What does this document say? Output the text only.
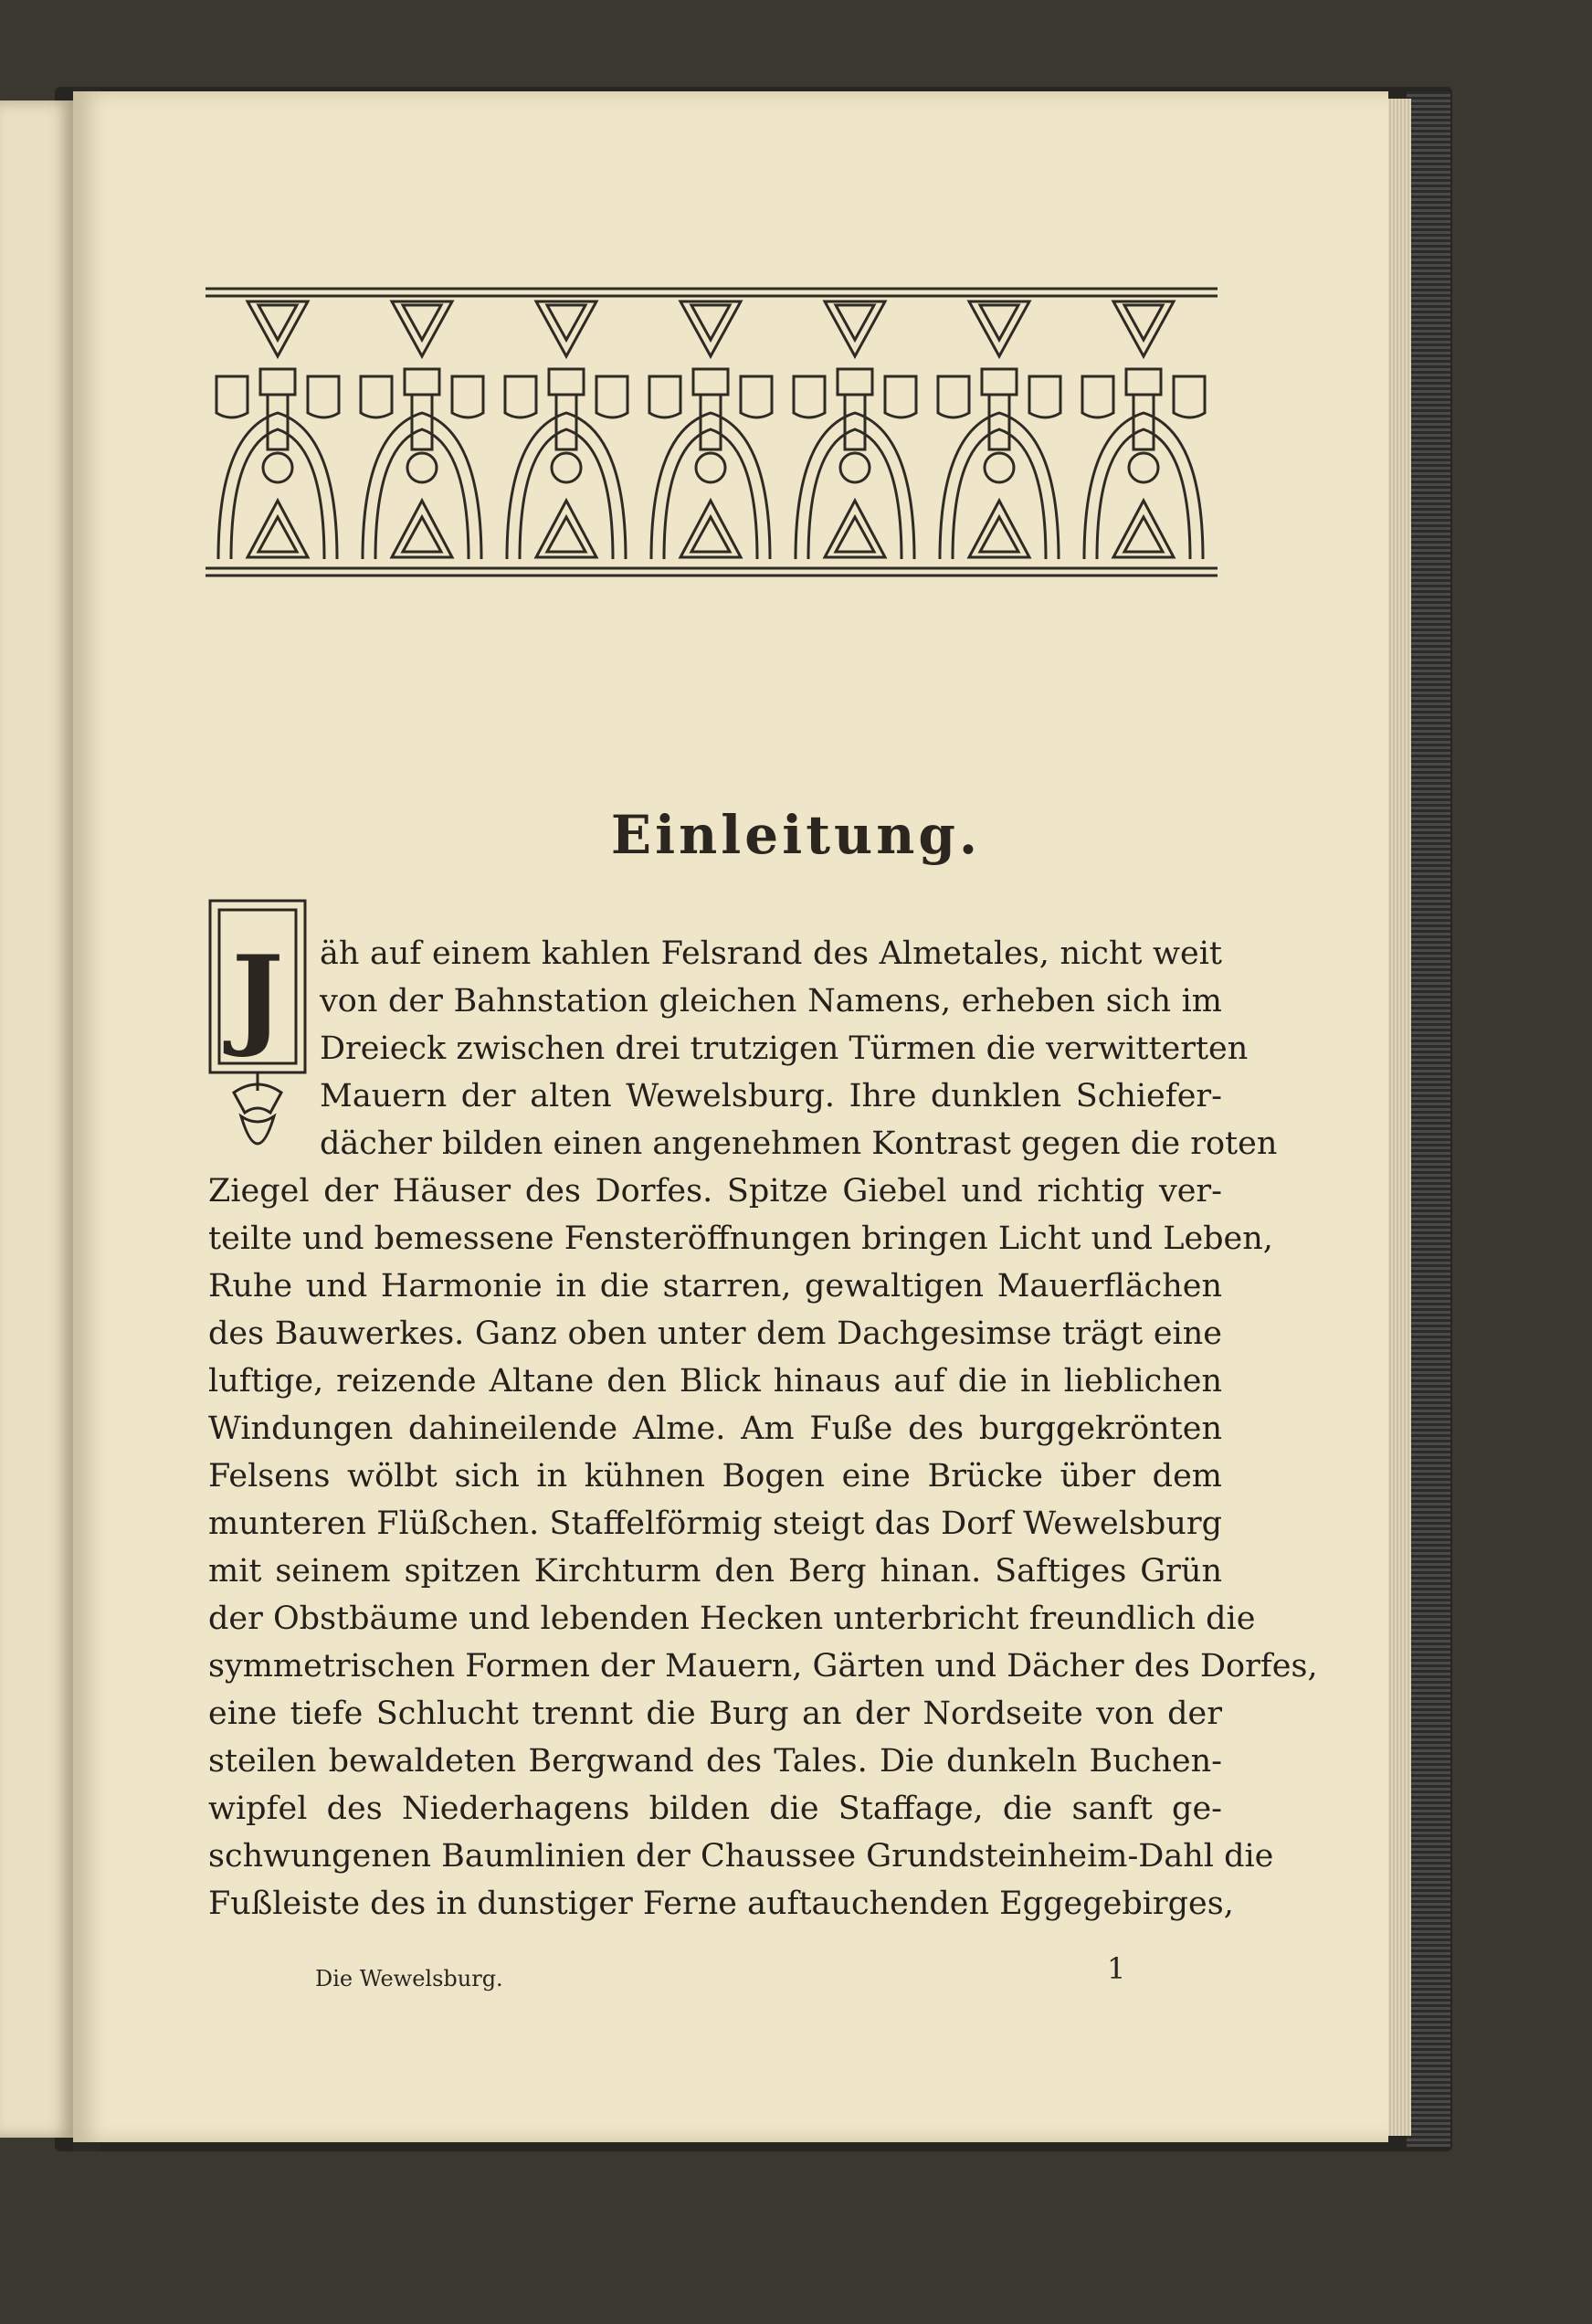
Einleitung.
J	äh auf einem kahlen Felsrand des Almetales, nicht weit
von der Bahnstation gleichen Namens, erheben sich im
Dreieck zwischen drei trutzigen Türmen die verwitterten
Mauern der alten Wewelsburg. Ihre dunklen Schiefer-
dächer bilden einen angenehmen Kontrast gegen die roten
Ziegel der Häuser des Dorfes. Spitze Giebel und richtig ver-
teilte und bemessene Fensteröffnungen bringen Licht und Leben,
Ruhe und Harmonie in die starren, gewaltigen Mauerflächen
des Bauwerkes. Ganz oben unter dem Dachgesimse trägt eine
luftige, reizende Altane den Blick hinaus auf die in lieblichen
Windungen dahineilende Alme. Am Fuße des burggekrönten
Felsens wölbt sich in kühnen Bogen eine Brücke über dem
munteren Flüßchen. Staffelförmig steigt das Dorf Wewelsburg
mit seinem spitzen Kirchturm den Berg hinan. Saftiges Grün
der Obstbäume und lebenden Hecken unterbricht freundlich die
symmetrischen Formen der Mauern, Gärten und Dächer des Dorfes,
eine tiefe Schlucht trennt die Burg an der Nordseite von der
steilen bewaldeten Bergwand des Tales. Die dunkeln Buchen-
wipfel des Niederhagens bilden die Staffage, die sanft ge-
schwungenen Baumlinien der Chaussee Grundsteinheim-Dahl die
Fußleiste des in dunstiger Ferne auftauchenden Eggegebirges,
Die Wewelsburg.	1
